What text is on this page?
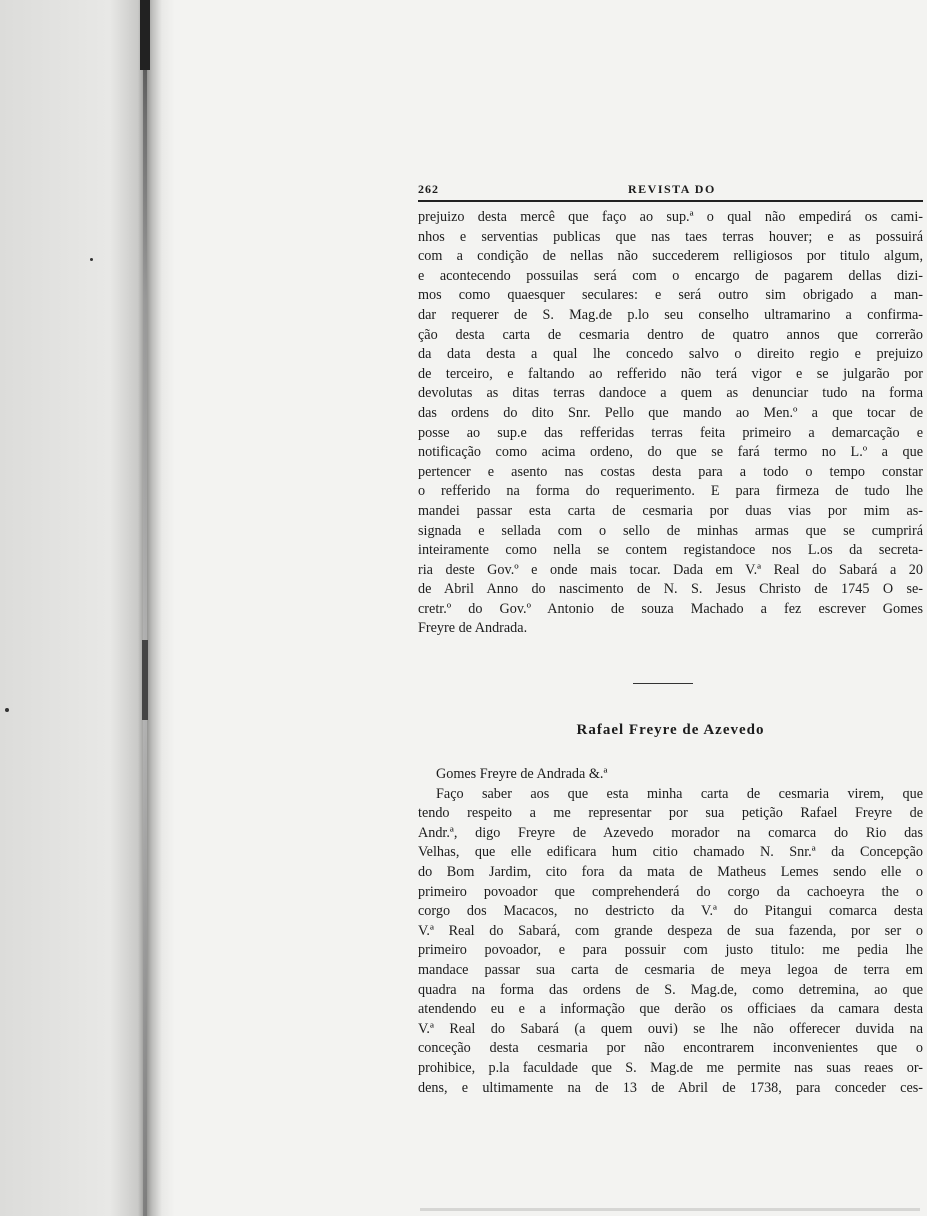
262	REVISTA DO

prejuizo desta mercê que faço ao sup.ª o qual não empedirá os cami-
nhos e serventias publicas que nas taes terras houver; e as possuirá
com a condição de nellas não succederem relligiosos por titulo algum,
e acontecendo possuilas será com o encargo de pagarem dellas dizi-
mos como quaesquer seculares: e será outro sim obrigado a man-
dar requerer de S. Mag.de p.lo seu conselho ultramarino a confirma-
ção desta carta de cesmaria dentro de quatro annos que correrão
da data desta a qual lhe concedo salvo o direito regio e prejuizo
de terceiro, e faltando ao refferido não terá vigor e se julgarão por
devolutas as ditas terras dandoce a quem as denunciar tudo na forma
das ordens do dito Snr. Pello que mando ao Men.º a que tocar de
posse ao sup.e das refferidas terras feita primeiro a demarcação e
notificação como acima ordeno, do que se fará termo no L.º a que
pertencer e asento nas costas desta para a todo o tempo constar
o refferido na forma do requerimento. E para firmeza de tudo lhe
mandei passar esta carta de cesmaria por duas vias por mim as-
signada e sellada com o sello de minhas armas que se cumprirá
inteiramente como nella se contem registandoce nos L.os da secreta-
ria deste Gov.º e onde mais tocar. Dada em V.ª Real do Sabará a 20
de Abril Anno do nascimento de N. S. Jesus Christo de 1745 O se-
cretr.º do Gov.º Antonio de souza Machado a fez escrever Gomes
Freyre de Andrada.

Rafael Freyre de Azevedo

Gomes Freyre de Andrada &.ª
Faço saber aos que esta minha carta de cesmaria virem, que
tendo respeito a me representar por sua petição Rafael Freyre de
Andr.ª, digo Freyre de Azevedo morador na comarca do Rio das
Velhas, que elle edificara hum citio chamado N. Snr.ª da Concepção
do Bom Jardim, cito fora da mata de Matheus Lemes sendo elle o
primeiro povoador que comprehenderá do corgo da cachoeyra the o
corgo dos Macacos, no destricto da V.ª do Pitangui comarca desta
V.ª Real do Sabará, com grande despeza de sua fazenda, por ser o
primeiro povoador, e para possuir com justo titulo: me pedia lhe
mandace passar sua carta de cesmaria de meya legoa de terra em
quadra na forma das ordens de S. Mag.de, como detremina, ao que
atendendo eu e a informação que derão os officiaes da camara desta
V.ª Real do Sabará (a quem ouvi) se lhe não offerecer duvida na
conceção desta cesmaria por não encontrarem inconvenientes que o
prohibice, p.la faculdade que S. Mag.de me permite nas suas reaes or-
dens, e ultimamente na de 13 de Abril de 1738, para conceder ces-
